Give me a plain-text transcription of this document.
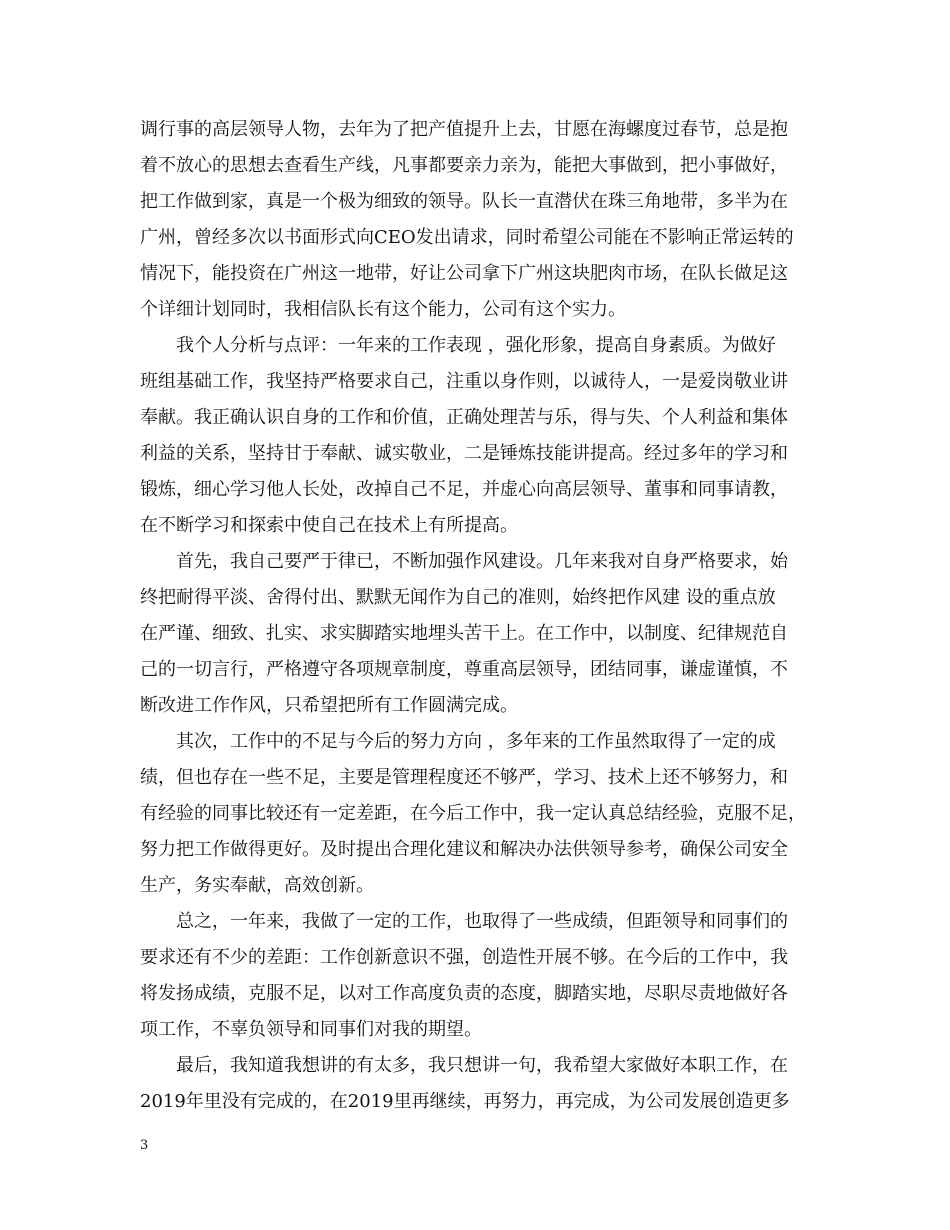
调行事的高层领导人物，去年为了把产值提升上去，甘愿在海螺度过春节，总是抱
着不放心的思想去查看生产线，凡事都要亲力亲为，能把大事做到，把小事做好，
把工作做到家，真是一个极为细致的领导。队长一直潜伏在珠三角地带，多半为在
广州，曾经多次以书面形式向CEO发出请求，同时希望公司能在不影响正常运转的
情况下，能投资在广州这一地带，好让公司拿下广州这块肥肉市场，在队长做足这
个详细计划同时，我相信队长有这个能力，公司有这个实力。
我个人分析与点评：一年来的工作表现 ，强化形象，提高自身素质。为做好
班组基础工作，我坚持严格要求自己，注重以身作则，以诚待人，一是爱岗敬业讲
奉献。我正确认识自身的工作和价值，正确处理苦与乐，得与失、个人利益和集体
利益的关系，坚持甘于奉献、诚实敬业，二是锤炼技能讲提高。经过多年的学习和
锻炼，细心学习他人长处，改掉自己不足，并虚心向高层领导、董事和同事请教，
在不断学习和探索中使自己在技术上有所提高。
首先，我自己要严于律已，不断加强作风建设。几年来我对自身严格要求，始
终把耐得平淡、舍得付出、默默无闻作为自己的准则，始终把作风建 设的重点放
在严谨、细致、扎实、求实脚踏实地埋头苦干上。在工作中，以制度、纪律规范自
己的一切言行，严格遵守各项规章制度，尊重高层领导，团结同事，谦虚谨慎，不
断改进工作作风，只希望把所有工作圆满完成。
其次，工作中的不足与今后的努力方向 ，多年来的工作虽然取得了一定的成
绩，但也存在一些不足，主要是管理程度还不够严，学习、技术上还不够努力，和
有经验的同事比较还有一定差距，在今后工作中，我一定认真总结经验，克服不足，
努力把工作做得更好。及时提出合理化建议和解决办法供领导参考，确保公司安全
生产，务实奉献，高效创新。
总之，一年来，我做了一定的工作，也取得了一些成绩，但距领导和同事们的
要求还有不少的差距：工作创新意识不强，创造性开展不够。在今后的工作中，我
将发扬成绩，克服不足，以对工作高度负责的态度，脚踏实地，尽职尽责地做好各
项工作，不辜负领导和同事们对我的期望。
最后，我知道我想讲的有太多，我只想讲一句，我希望大家做好本职工作，在
2019年里没有完成的，在2019里再继续，再努力，再完成，为公司发展创造更多
3
